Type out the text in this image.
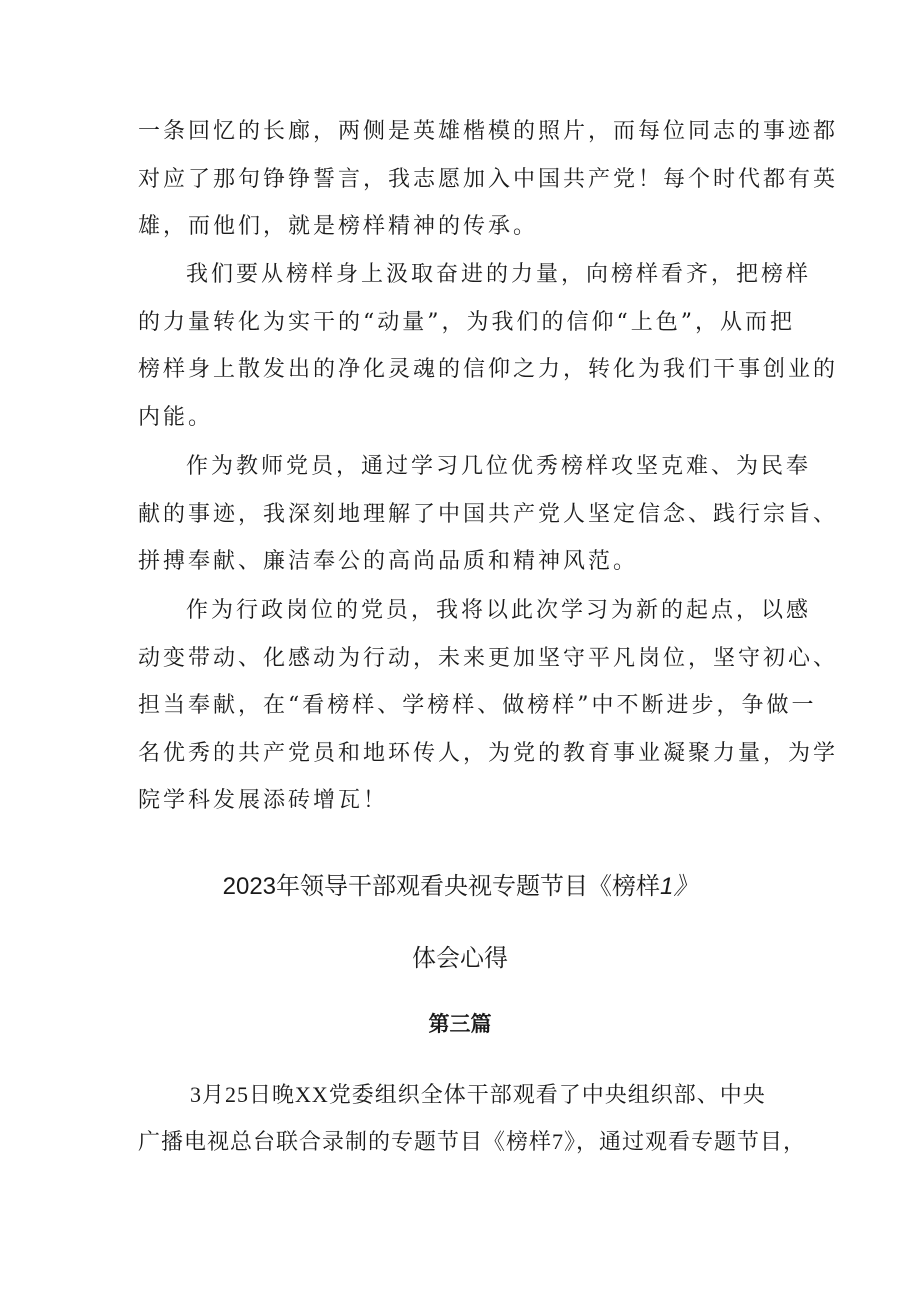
一条回忆的长廊，两侧是英雄楷模的照片，而每位同志的事迹都
对应了那句铮铮誓言，我志愿加入中国共产党！每个时代都有英
雄，而他们，就是榜样精神的传承。
我们要从榜样身上汲取奋进的力量，向榜样看齐，把榜样
的力量转化为实干的“动量”，为我们的信仰“上色”，从而把
榜样身上散发出的净化灵魂的信仰之力，转化为我们干事创业的
内能。
作为教师党员，通过学习几位优秀榜样攻坚克难、为民奉
献的事迹，我深刻地理解了中国共产党人坚定信念、践行宗旨、
拼搏奉献、廉洁奉公的高尚品质和精神风范。
作为行政岗位的党员，我将以此次学习为新的起点，以感
动变带动、化感动为行动，未来更加坚守平凡岗位，坚守初心、
担当奉献，在“看榜样、学榜样、做榜样”中不断进步，争做一
名优秀的共产党员和地环传人，为党的教育事业凝聚力量，为学
院学科发展添砖增瓦！
2023年领导干部观看央视专题节目《榜样1》
体会心得
第三篇
3月25日晚XX党委组织全体干部观看了中央组织部、中央
广播电视总台联合录制的专题节目《榜样7》，通过观看专题节目，
